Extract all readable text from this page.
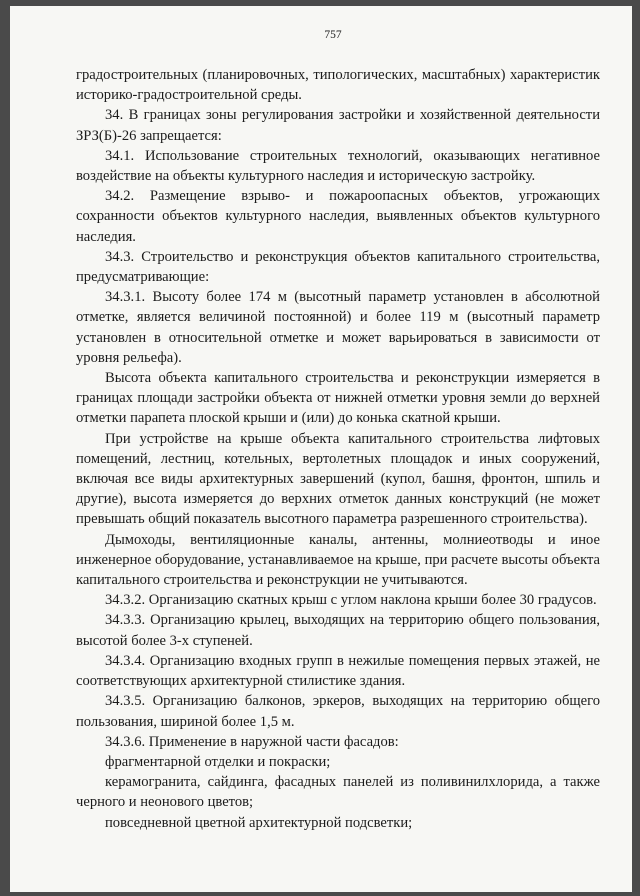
757

градостроительных (планировочных, типологических, масштабных) характеристик историко-градостроительной среды.

34. В границах зоны регулирования застройки и хозяйственной деятельности ЗРЗ(Б)-26 запрещается:

34.1. Использование строительных технологий, оказывающих негативное воздействие на объекты культурного наследия и историческую застройку.

34.2. Размещение взрыво- и пожароопасных объектов, угрожающих сохранности объектов культурного наследия, выявленных объектов культурного наследия.

34.3. Строительство и реконструкция объектов капитального строительства, предусматривающие:

34.3.1. Высоту более 174 м (высотный параметр установлен в абсолютной отметке, является величиной постоянной) и более 119 м (высотный параметр установлен в относительной отметке и может варьироваться в зависимости от уровня рельефа).

Высота объекта капитального строительства и реконструкции измеряется в границах площади застройки объекта от нижней отметки уровня земли до верхней отметки парапета плоской крыши и (или) до конька скатной крыши.

При устройстве на крыше объекта капитального строительства лифтовых помещений, лестниц, котельных, вертолетных площадок и иных сооружений, включая все виды архитектурных завершений (купол, башня, фронтон, шпиль и другие), высота измеряется до верхних отметок данных конструкций (не может превышать общий показатель высотного параметра разрешенного строительства).

Дымоходы, вентиляционные каналы, антенны, молниеотводы и иное инженерное оборудование, устанавливаемое на крыше, при расчете высоты объекта капитального строительства и реконструкции не учитываются.

34.3.2. Организацию скатных крыш с углом наклона крыши более 30 градусов.

34.3.3. Организацию крылец, выходящих на территорию общего пользования, высотой более 3-х ступеней.

34.3.4. Организацию входных групп в нежилые помещения первых этажей, не соответствующих архитектурной стилистике здания.

34.3.5. Организацию балконов, эркеров, выходящих на территорию общего пользования, шириной более 1,5 м.

34.3.6. Применение в наружной части фасадов:

фрагментарной отделки и покраски;

керамогранита, сайдинга, фасадных панелей из поливинилхлорида, а также черного и неонового цветов;

повседневной цветной архитектурной подсветки;
